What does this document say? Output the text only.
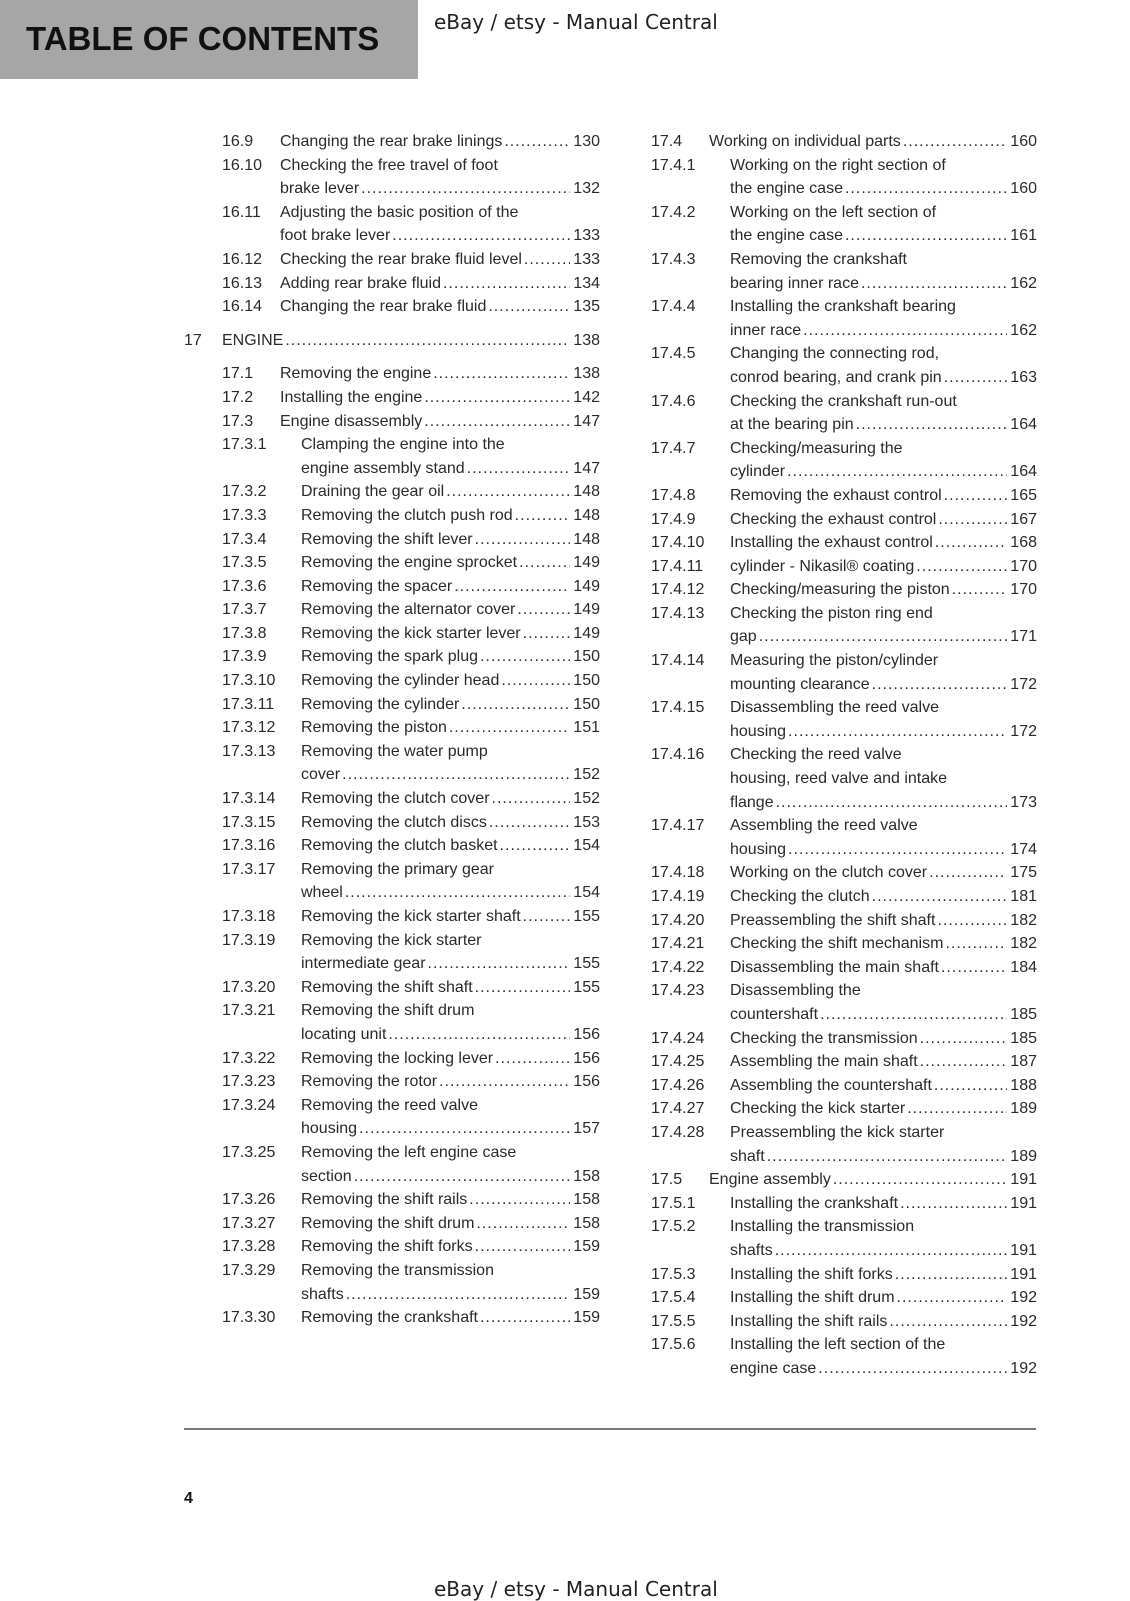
TABLE OF CONTENTS	eBay / etsy - Manual Central
16.9 Changing the rear brake linings .....	130
16.10 Checking the free travel of foot
brake lever .....	132
16.11 Adjusting the basic position of the
foot brake lever .....	133
16.12 Checking the rear brake fluid level .....	133
16.13 Adding rear brake fluid .....	134
16.14 Changing the rear brake fluid .....	135
17 ENGINE .....	138
17.1 Removing the engine .....	138
17.2 Installing the engine .....	142
17.3 Engine disassembly .....	147
17.3.1 Clamping the engine into the
engine assembly stand .....	147
17.3.2 Draining the gear oil .....	148
17.3.3 Removing the clutch push rod .....	148
17.3.4 Removing the shift lever .....	148
17.3.5 Removing the engine sprocket .....	149
17.3.6 Removing the spacer .....	149
17.3.7 Removing the alternator cover .....	149
17.3.8 Removing the kick starter lever .....	149
17.3.9 Removing the spark plug .....	150
17.3.10 Removing the cylinder head .....	150
17.3.11 Removing the cylinder .....	150
17.3.12 Removing the piston .....	151
17.3.13 Removing the water pump
cover .....	152
17.3.14 Removing the clutch cover .....	152
17.3.15 Removing the clutch discs .....	153
17.3.16 Removing the clutch basket .....	154
17.3.17 Removing the primary gear
wheel .....	154
17.3.18 Removing the kick starter shaft .....	155
17.3.19 Removing the kick starter
intermediate gear .....	155
17.3.20 Removing the shift shaft .....	155
17.3.21 Removing the shift drum
locating unit .....	156
17.3.22 Removing the locking lever .....	156
17.3.23 Removing the rotor .....	156
17.3.24 Removing the reed valve
housing .....	157
17.3.25 Removing the left engine case
section .....	158
17.3.26 Removing the shift rails .....	158
17.3.27 Removing the shift drum .....	158
17.3.28 Removing the shift forks .....	159
17.3.29 Removing the transmission
shafts .....	159
17.3.30 Removing the crankshaft .....	159
17.4 Working on individual parts .....	160
17.4.1 Working on the right section of
the engine case .....	160
17.4.2 Working on the left section of
the engine case .....	161
17.4.3 Removing the crankshaft
bearing inner race .....	162
17.4.4 Installing the crankshaft bearing
inner race .....	162
17.4.5 Changing the connecting rod,
conrod bearing, and crank pin .....	163
17.4.6 Checking the crankshaft run-out
at the bearing pin .....	164
17.4.7 Checking/measuring the
cylinder .....	164
17.4.8 Removing the exhaust control .....	165
17.4.9 Checking the exhaust control .....	167
17.4.10 Installing the exhaust control .....	168
17.4.11 cylinder - Nikasil® coating .....	170
17.4.12 Checking/measuring the piston .....	170
17.4.13 Checking the piston ring end
gap .....	171
17.4.14 Measuring the piston/cylinder
mounting clearance .....	172
17.4.15 Disassembling the reed valve
housing .....	172
17.4.16 Checking the reed valve
housing, reed valve and intake
flange .....	173
17.4.17 Assembling the reed valve
housing .....	174
17.4.18 Working on the clutch cover .....	175
17.4.19 Checking the clutch .....	181
17.4.20 Preassembling the shift shaft .....	182
17.4.21 Checking the shift mechanism .....	182
17.4.22 Disassembling the main shaft .....	184
17.4.23 Disassembling the
countershaft .....	185
17.4.24 Checking the transmission .....	185
17.4.25 Assembling the main shaft .....	187
17.4.26 Assembling the countershaft .....	188
17.4.27 Checking the kick starter .....	189
17.4.28 Preassembling the kick starter
shaft .....	189
17.5 Engine assembly .....	191
17.5.1 Installing the crankshaft .....	191
17.5.2 Installing the transmission
shafts .....	191
17.5.3 Installing the shift forks .....	191
17.5.4 Installing the shift drum .....	192
17.5.5 Installing the shift rails .....	192
17.5.6 Installing the left section of the
engine case .....	192
4
eBay / etsy - Manual Central
